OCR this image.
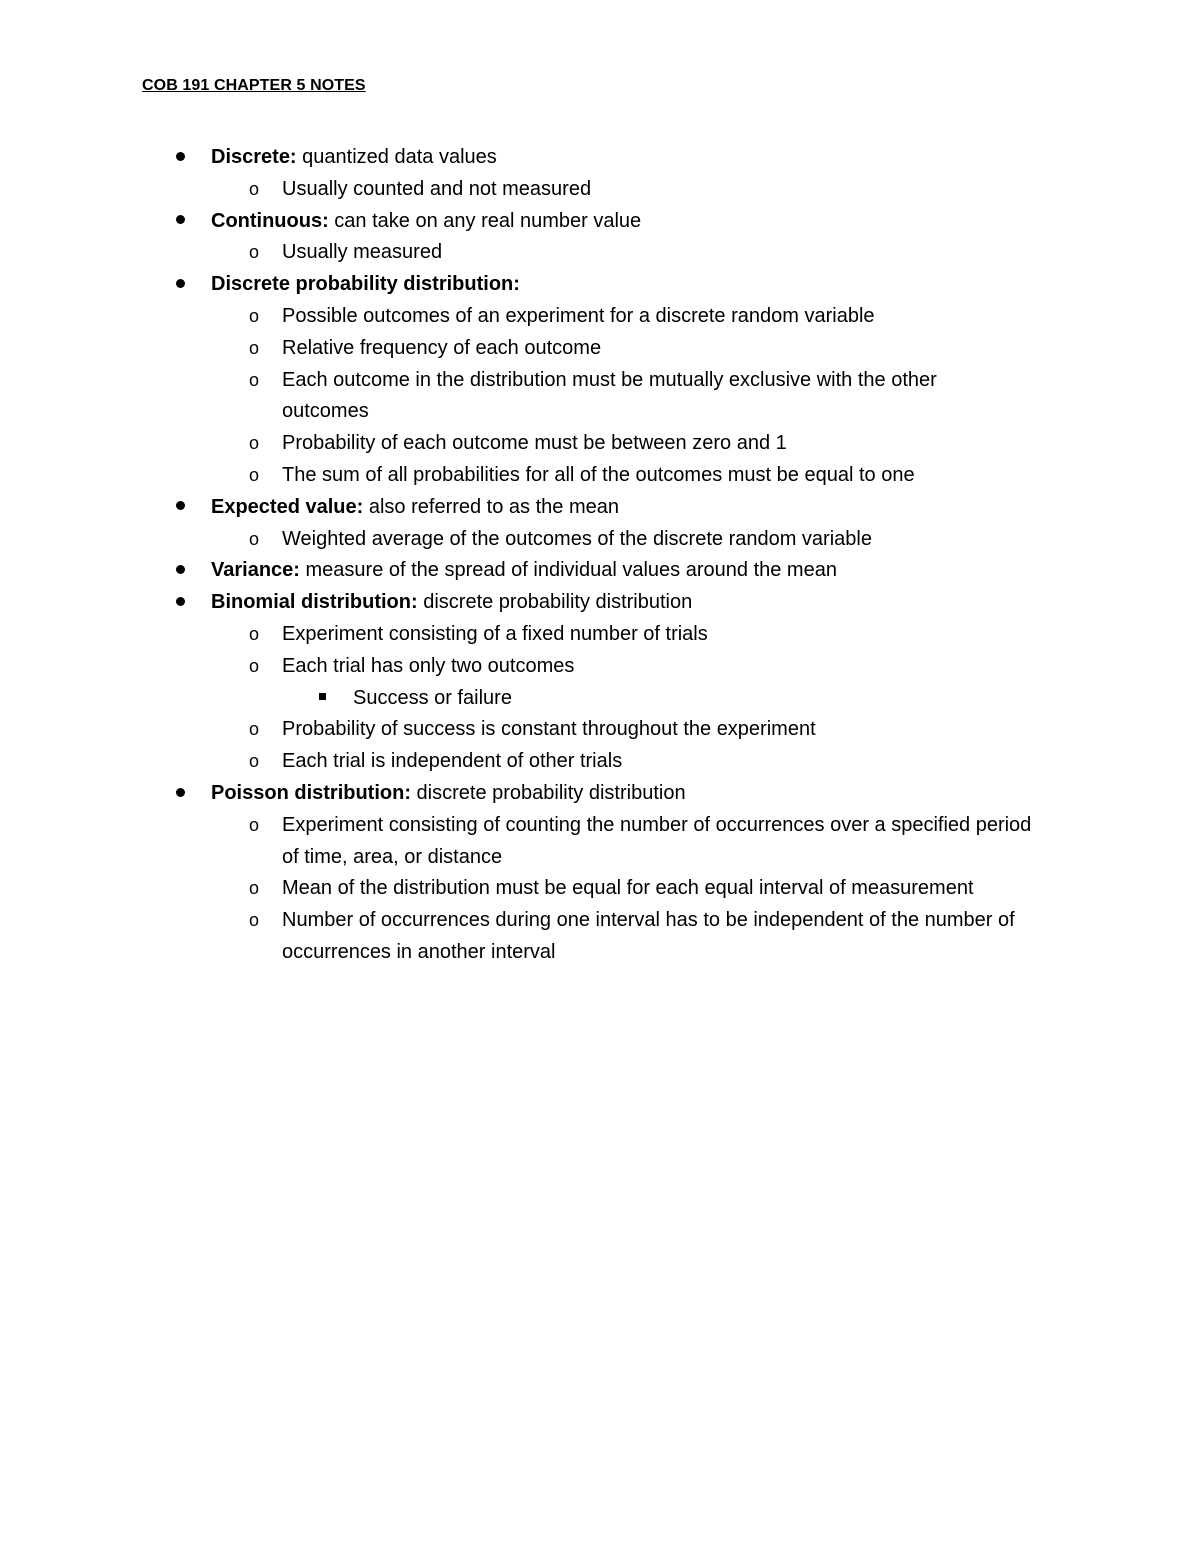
COB 191 CHAPTER 5 NOTES
Discrete: quantized data values
o Usually counted and not measured
Continuous: can take on any real number value
o Usually measured
Discrete probability distribution:
o Possible outcomes of an experiment for a discrete random variable
o Relative frequency of each outcome
o Each outcome in the distribution must be mutually exclusive with the other outcomes
o Probability of each outcome must be between zero and 1
o The sum of all probabilities for all of the outcomes must be equal to one
Expected value: also referred to as the mean
o Weighted average of the outcomes of the discrete random variable
Variance: measure of the spread of individual values around the mean
Binomial distribution: discrete probability distribution
o Experiment consisting of a fixed number of trials
o Each trial has only two outcomes
Success or failure
o Probability of success is constant throughout the experiment
o Each trial is independent of other trials
Poisson distribution: discrete probability distribution
o Experiment consisting of counting the number of occurrences over a specified period of time, area, or distance
o Mean of the distribution must be equal for each equal interval of measurement
o Number of occurrences during one interval has to be independent of the number of occurrences in another interval
